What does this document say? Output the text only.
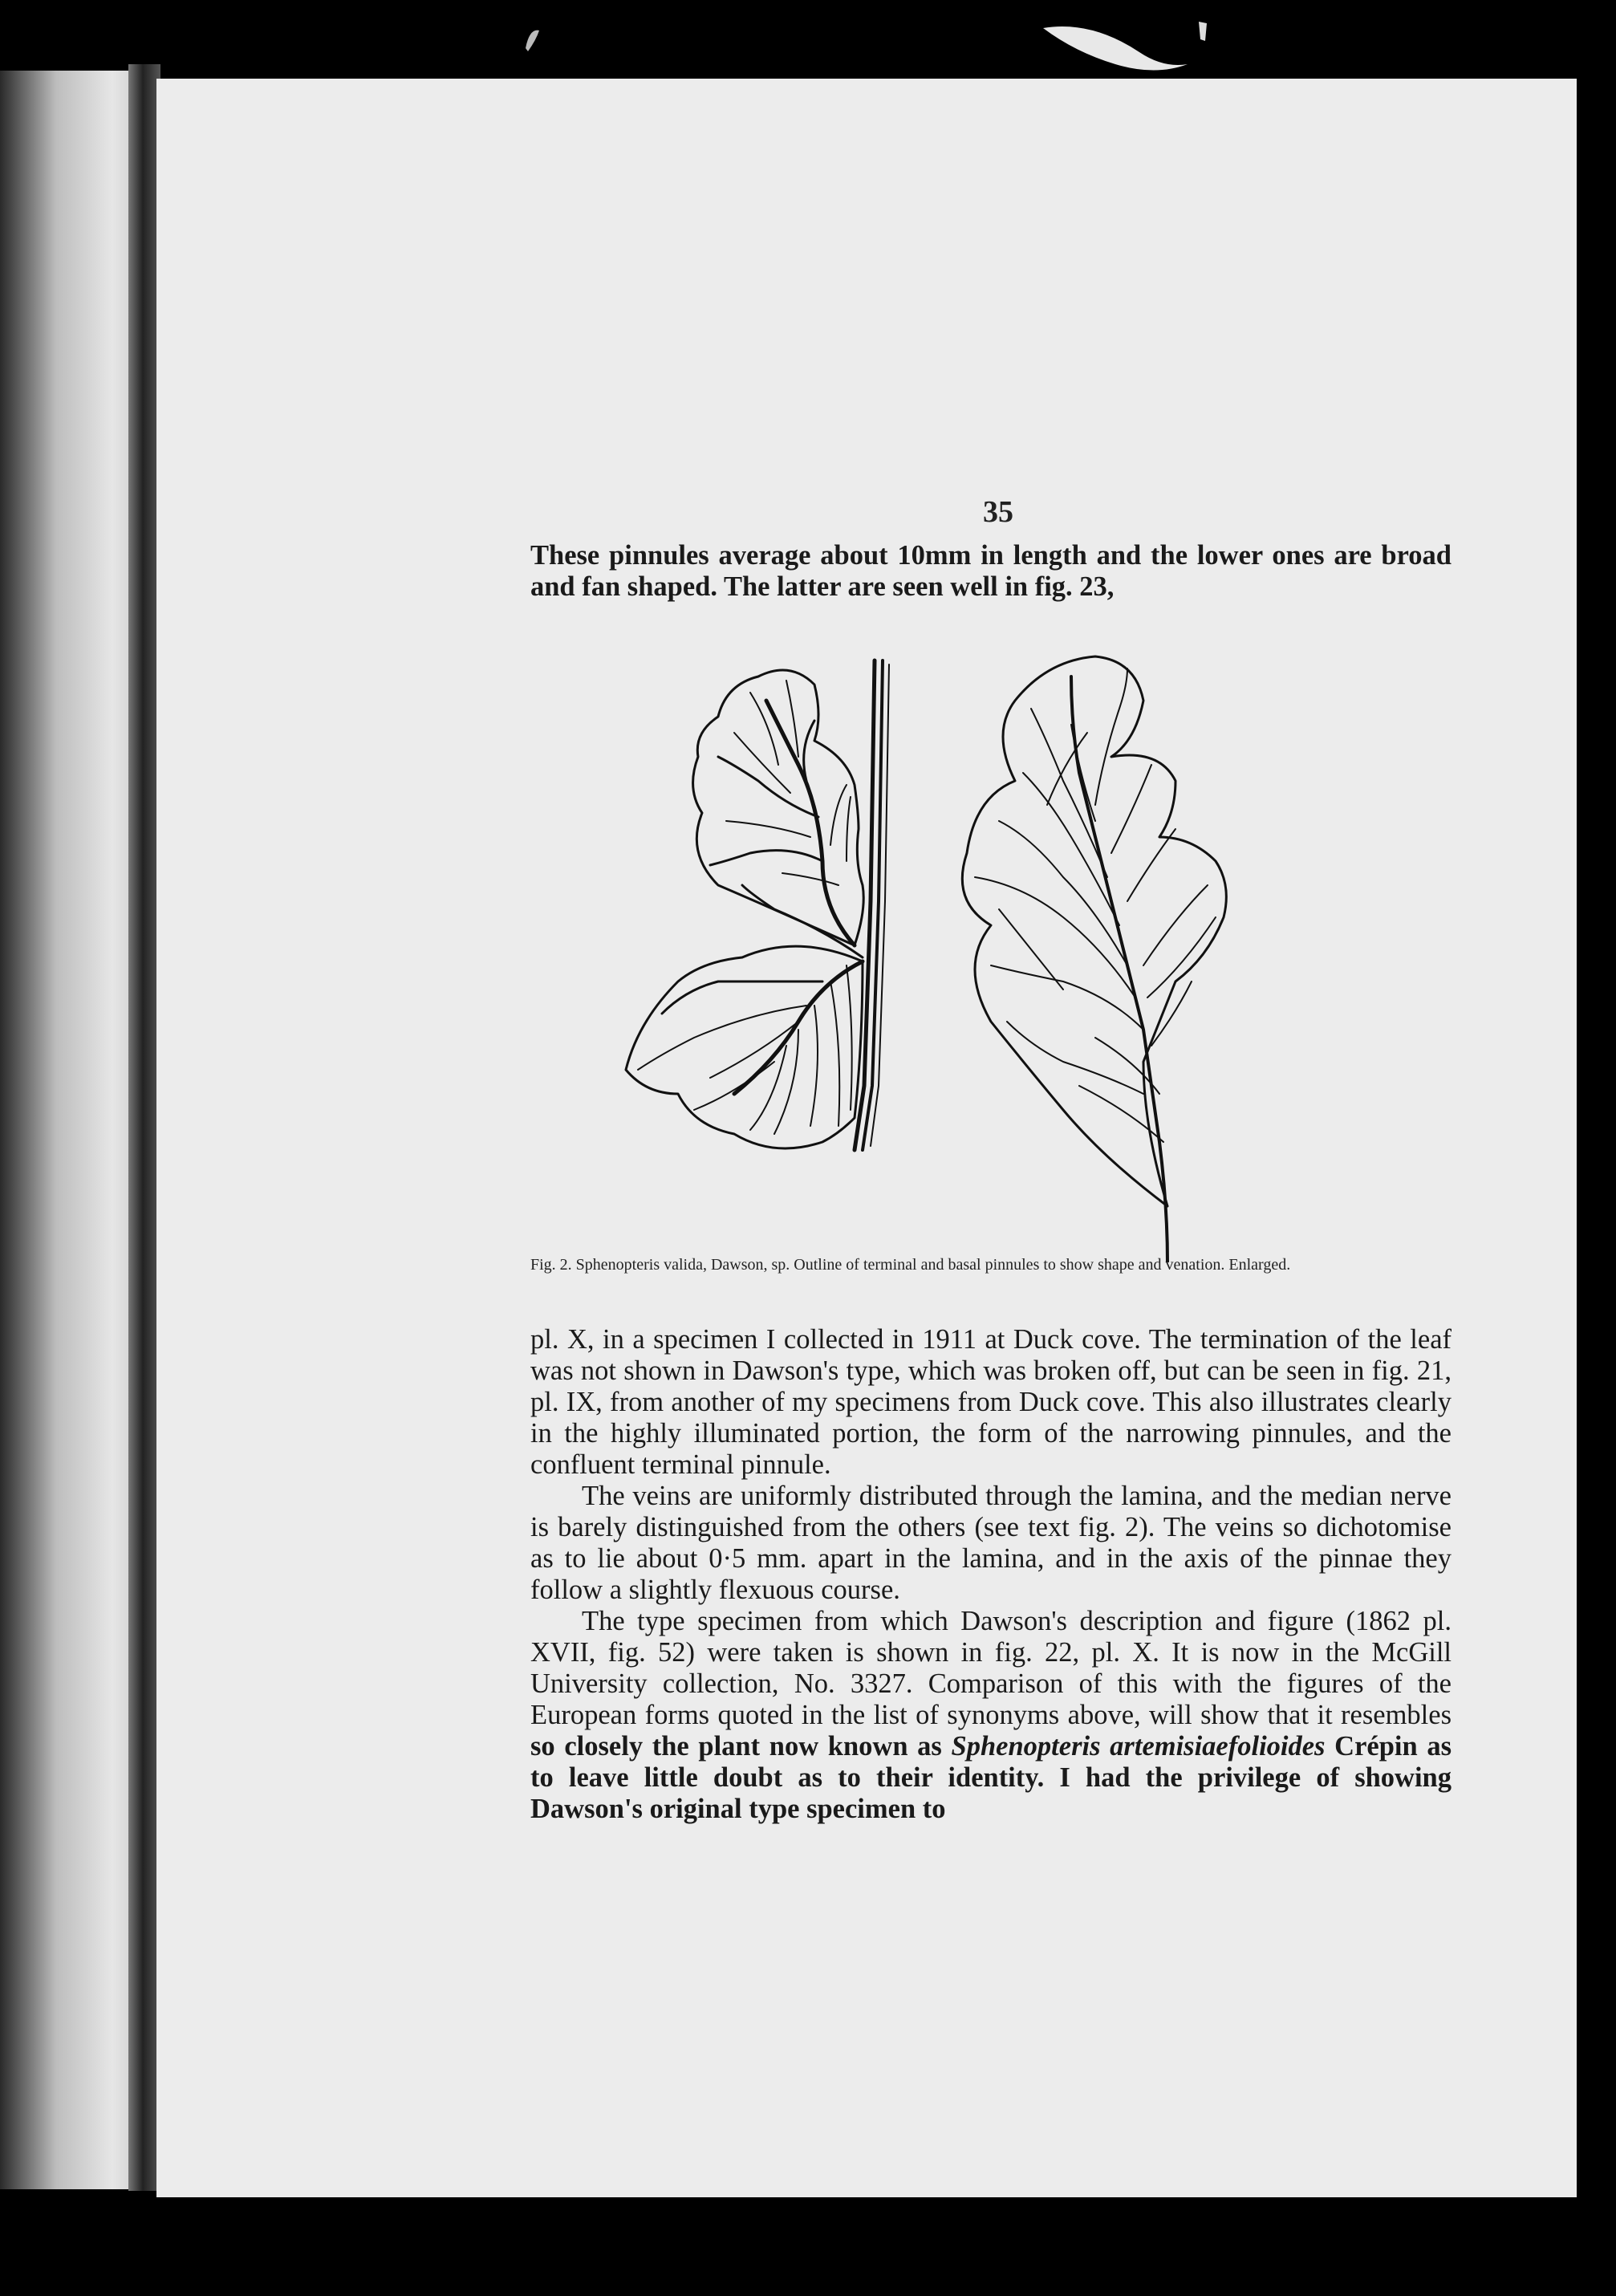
35

These pinnules average about 10mm in length and the lower ones are broad and fan shaped. The latter are seen well in fig. 23,

Fig. 2. Sphenopteris valida, Dawson, sp. Outline of terminal and basal pinnules to show shape and venation. Enlarged.

pl. X, in a specimen I collected in 1911 at Duck cove. The termination of the leaf was not shown in Dawson's type, which was broken off, but can be seen in fig. 21, pl. IX, from another of my specimens from Duck cove. This also illustrates clearly in the highly illuminated portion, the form of the narrowing pinnules, and the confluent terminal pinnule.

The veins are uniformly distributed through the lamina, and the median nerve is barely distinguished from the others (see text fig. 2). The veins so dichotomise as to lie about 0·5 mm. apart in the lamina, and in the axis of the pinnae they follow a slightly flexuous course.

The type specimen from which Dawson's description and figure (1862 pl. XVII, fig. 52) were taken is shown in fig. 22, pl. X. It is now in the McGill University collection, No. 3327. Comparison of this with the figures of the European forms quoted in the list of synonyms above, will show that it resembles so closely the plant now known as Sphenopteris artemisiaefolioides Crépin as to leave little doubt as to their identity. I had the privilege of showing Dawson's original type specimen to
